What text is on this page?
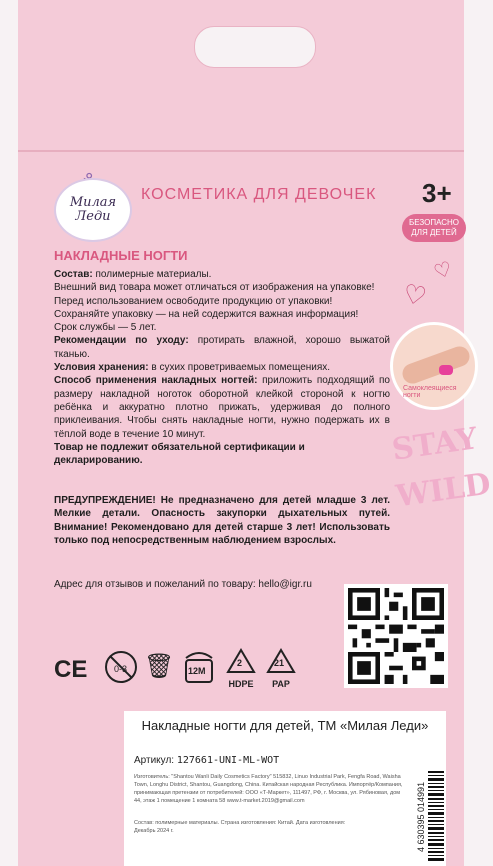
Милая
Леди
КОСМЕТИКА ДЛЯ ДЕВОЧЕК 3+
БЕЗОПАСНО ДЛЯ ДЕТЕЙ
НАКЛАДНЫЕ НОГТИ

Состав: полимерные материалы.

Внешний вид товара может отличаться от изображения на упаковке!

Перед использованием освободите продукцию от упаковки!

Сохраняйте упаковку — на ней содержится важная информация!

Срок службы — 5 лет.

Рекомендации по уходу: протирать влажной, хорошо выжатой тканью.

Условия хранения: в сухих проветриваемых помещениях.

Способ применения накладных ногтей: приложить подходящий по размеру накладной ноготок оборотной клейкой стороной к ногтю ребёнка и аккуратно плотно прижать, удерживая до полного приклеивания. Чтобы снять накладные ногти, нужно подержать их в тёплой воде в течение 10 минут.

Товар не подлежит обязательной сертификации и декларированию.

ПРЕДУПРЕЖДЕНИЕ! Не предназначено для детей младше 3 лет. Мелкие детали. Опасность закупорки дыхательных путей. Внимание! Рекомендовано для детей старше 3 лет! Использовать только под непосредственным наблюдением взрослых.
Адрес для отзывов и пожеланий по товару: hello@igr.ru
♡
♡
Самоклеящиеся ногти
STAY
WILD
CE	0-3 🗑 12M
2
HDPE
21
PAP
Накладные ногти для детей, ТМ «Милая Леди»
Артикул: 127661-UNI-ML-WOT
Изготовитель: "Shantou Wanli Daily Cosmetics Factory" 515832, Linuo Industrial Park, Fengfa Road, Waisha Town, Longhu District, Shantou, Guangdong, China. Китайская народная Республика. Импортёр/Компания, принимающая претензии от потребителей: ООО «Т-Маркет», 111497, РФ, г. Москва, ул. Рябиновая, дом 44, этаж 1 помещение 1 комната 58 www.t-market.2019@gmail.com
Состав: полимерные материалы. Страна изготовления: Китай. Дата изготовления: Декабрь 2024 г.	4 630395 014991
